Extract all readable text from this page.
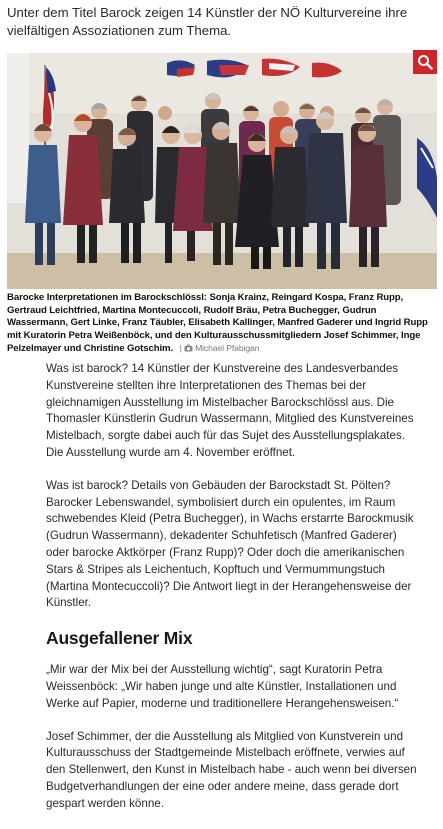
Unter dem Titel Barock zeigen 14 Künstler der NÖ Kulturvereine ihre vielfältigen Assoziationen zum Thema.
Barocke Interpretationen im Barockschlössl: Sonja Krainz, Reingard Kospa, Franz Rupp, Gertraud Leichtfried, Martina Montecuccoli, Rudolf Bräu, Petra Buchegger, Gudrun Wassermann, Gert Linke, Franz Täubler, Elisabeth Kallinger, Manfred Gaderer und Ingrid Rupp mit Kuratorin Petra Weißenböck, und den Kulturausschussmitgliedern Josef Schimmer, Inge Pelzelmayer und Christine Gotschim. | Michael Pfabigan

Was ist barock? 14 Künstler der Kunstvereine des Landesverbandes Kunstvereine stellten ihre Interpretationen des Themas bei der gleichnamigen Ausstellung im Mistelbacher Barockschlössl aus. Die Thomasler Künstlerin Gudrun Wassermann, Mitglied des Kunstvereines Mistelbach, sorgte dabei auch für das Sujet des Ausstellungsplakates. Die Ausstellung wurde am 4. November eröffnet.

Was ist barock? Details von Gebäuden der Barockstadt St. Pölten? Barocker Lebenswandel, symbolisiert durch ein opulentes, im Raum schwebendes Kleid (Petra Buchegger), in Wachs erstarrte Barockmusik (Gudrun Wassermann), dekadenter Schuhfetisch (Manfred Gaderer) oder barocke Aktkörper (Franz Rupp)? Oder doch die amerikanischen Stars & Stripes als Leichentuch, Kopftuch und Vermummungstuch (Martina Montecuccoli)? Die Antwort liegt in der Herangehensweise der Künstler.

Ausgefallener Mix

„Mir war der Mix bei der Ausstellung wichtig“, sagt Kuratorin Petra Weissenböck: „Wir haben junge und alte Künstler, Installationen und Werke auf Papier, moderne und traditionellere Herangehensweisen.“

Josef Schimmer, der die Ausstellung als Mitglied von Kunstverein und Kulturausschuss der Stadtgemeinde Mistelbach eröffnete, verwies auf den Stellenwert, den Kunst in Mistelbach habe - auch wenn bei diversen Budgetverhandlungen der eine oder andere meine, dass gerade dort gespart werden könne.
